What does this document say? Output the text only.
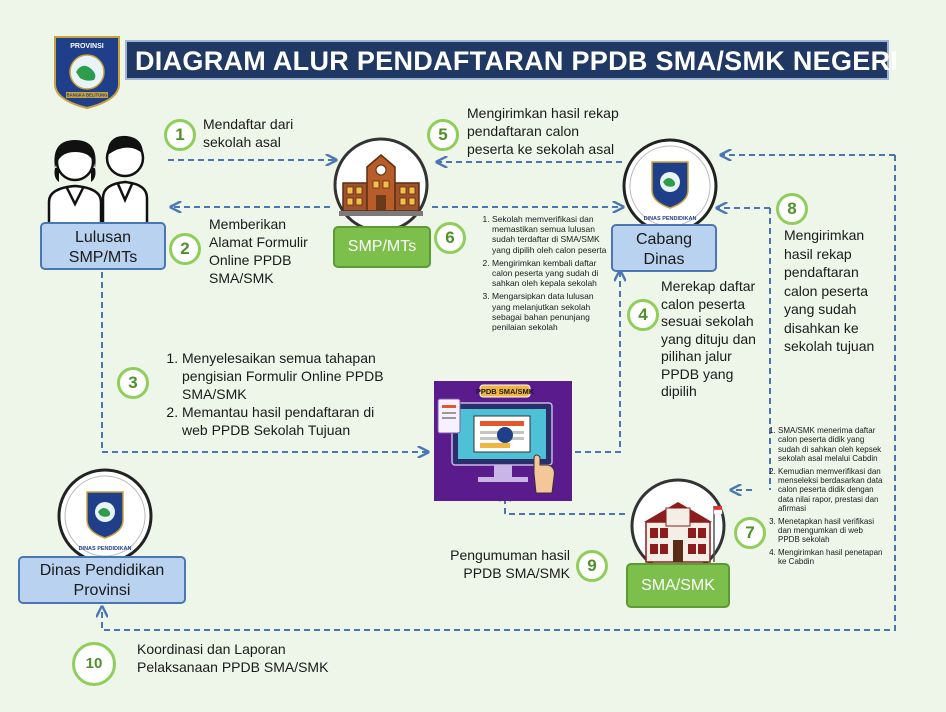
DIAGRAM ALUR PENDAFTARAN PPDB SMA/SMK NEGERI
PROVINSI
BANGKA BELITUNG
Lulusan SMP/MTs
SMP/MTs
DINAS PENDIDIKAN
Cabang Dinas
PPDB SMA/SMK
SMA/SMK
DINAS PENDIDIKAN
Dinas Pendidikan Provinsi
1
Mendaftar dari sekolah asal
2
Memberikan Alamat Formulir Online PPDB SMA/SMK
3
1. Menyelesaikan semua tahapan pengisian Formulir Online PPDB SMA/SMK
2. Memantau hasil pendaftaran di web PPDB Sekolah Tujuan
4
Merekap daftar calon peserta sesuai sekolah yang dituju dan pilihan jalur PPDB yang dipilih
5
Mengirimkan hasil rekap pendaftaran calon peserta ke sekolah asal
6
1. Sekolah memverifikasi dan memastikan semua lulusan sudah terdaftar di SMA/SMK yang dipilih oleh calon peserta
2. Mengirimkan kembali daftar calon peserta yang sudah di sahkan oleh kepala sekolah
3. Mengarsipkan data lulusan yang melanjutkan sekolah sebagai bahan penunjang penilaian sekolah
7
1. SMA/SMK menerima daftar calon peserta didik yang sudah di sahkan oleh kepsek sekolah asal melalui Cabdin
2. Kemudian memverifikasi dan menseleksi berdasarkan data calon peserta didik dengan data nilai rapor, prestasi dan afirmasi
3. Menetapkan hasil verifikasi dan mengumkan di web PPDB sekolah
4. Mengirimkan hasil penetapan ke Cabdin
8
Mengirimkan hasil rekap pendaftaran calon peserta yang sudah disahkan ke sekolah tujuan
9
Pengumuman hasil PPDB SMA/SMK
10
Koordinasi dan Laporan Pelaksanaan PPDB SMA/SMK
